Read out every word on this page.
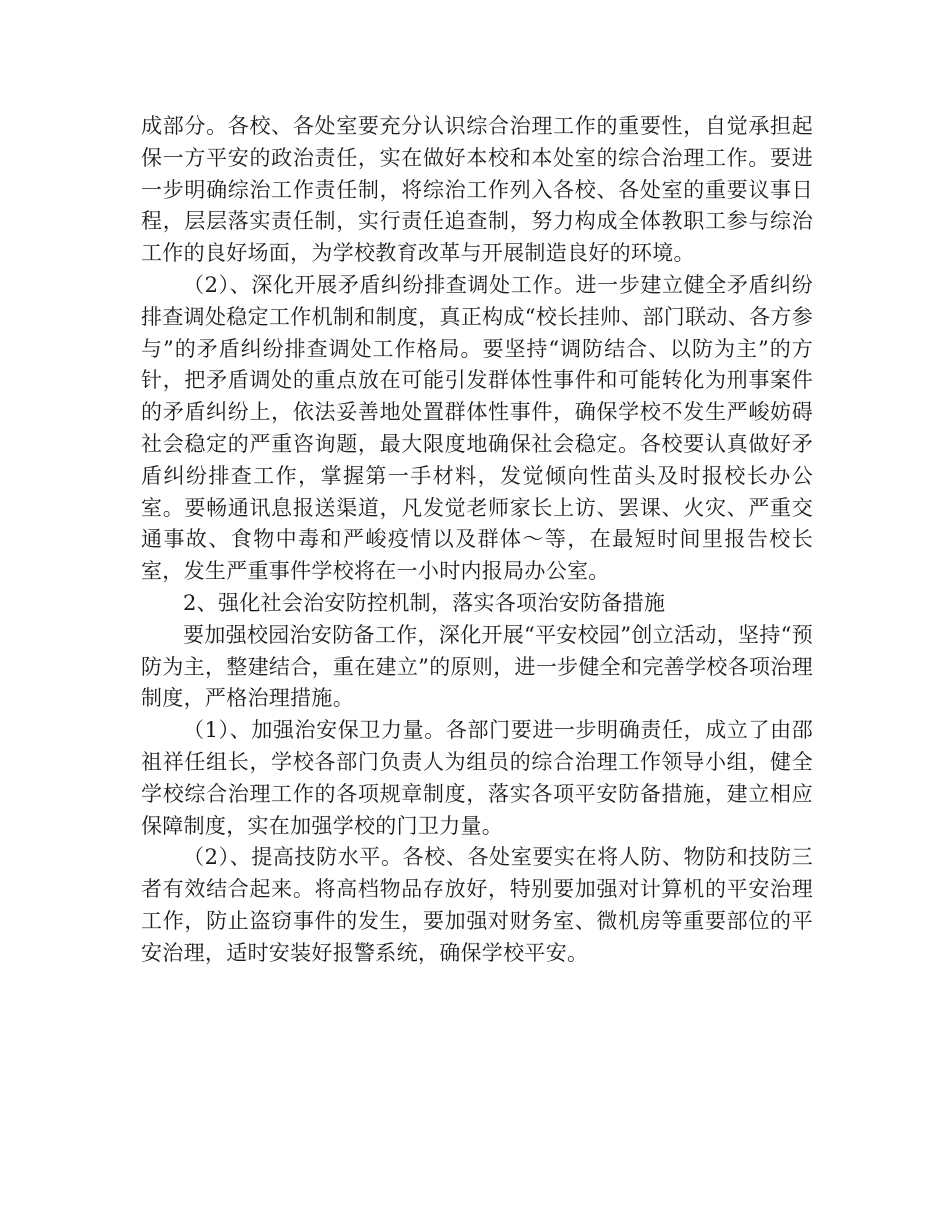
成部分。各校、各处室要充分认识综合治理工作的重要性，自觉承担起保一方平安的政治责任，实在做好本校和本处室的综合治理工作。要进一步明确综治工作责任制，将综治工作列入各校、各处室的重要议事日程，层层落实责任制，实行责任追查制，努力构成全体教职工参与综治工作的良好场面，为学校教育改革与开展制造良好的环境。

（2）、深化开展矛盾纠纷排查调处工作。进一步建立健全矛盾纠纷排查调处稳定工作机制和制度，真正构成“校长挂帅、部门联动、各方参与”的矛盾纠纷排查调处工作格局。要坚持“调防结合、以防为主”的方针，把矛盾调处的重点放在可能引发群体性事件和可能转化为刑事案件的矛盾纠纷上，依法妥善地处置群体性事件，确保学校不发生严峻妨碍社会稳定的严重咨询题，最大限度地确保社会稳定。各校要认真做好矛盾纠纷排查工作，掌握第一手材料，发觉倾向性苗头及时报校长办公室。要畅通讯息报送渠道，凡发觉老师家长上访、罢课、火灾、严重交通事故、食物中毒和严峻疫情以及群体～等，在最短时间里报告校长室，发生严重事件学校将在一小时内报局办公室。

2、强化社会治安防控机制，落实各项治安防备措施

要加强校园治安防备工作，深化开展“平安校园”创立活动，坚持“预防为主，整建结合，重在建立”的原则，进一步健全和完善学校各项治理制度，严格治理措施。

（1）、加强治安保卫力量。各部门要进一步明确责任，成立了由邵祖祥任组长，学校各部门负责人为组员的综合治理工作领导小组，健全学校综合治理工作的各项规章制度，落实各项平安防备措施，建立相应保障制度，实在加强学校的门卫力量。

（2）、提高技防水平。各校、各处室要实在将人防、物防和技防三者有效结合起来。将高档物品存放好，特别要加强对计算机的平安治理工作，防止盗窃事件的发生，要加强对财务室、微机房等重要部位的平安治理，适时安装好报警系统，确保学校平安。
